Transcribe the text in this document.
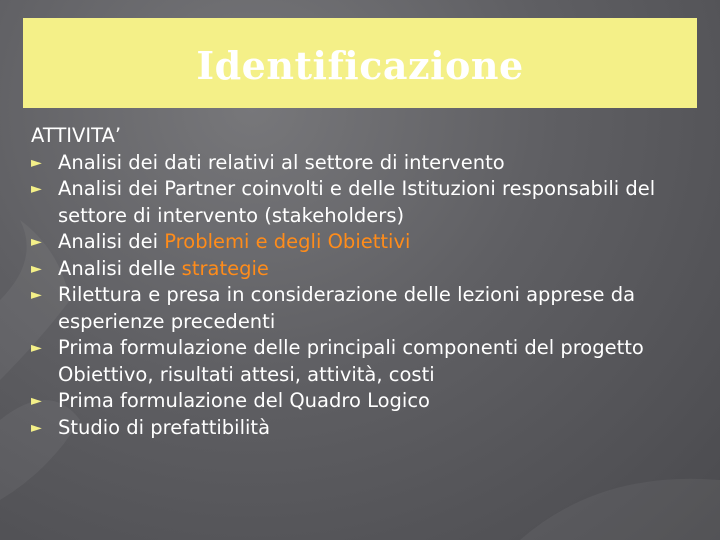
Identificazione
ATTIVITA’
► Analisi dei dati relativi al settore di intervento
► Analisi dei Partner coinvolti e delle Istituzioni responsabili del settore di intervento (stakeholders)
► Analisi dei Problemi e degli Obiettivi
► Analisi delle strategie
► Rilettura e presa in considerazione delle lezioni apprese da esperienze precedenti
► Prima formulazione delle principali componenti del progetto Obiettivo, risultati attesi, attività, costi
► Prima formulazione del Quadro Logico
► Studio di prefattibilità
